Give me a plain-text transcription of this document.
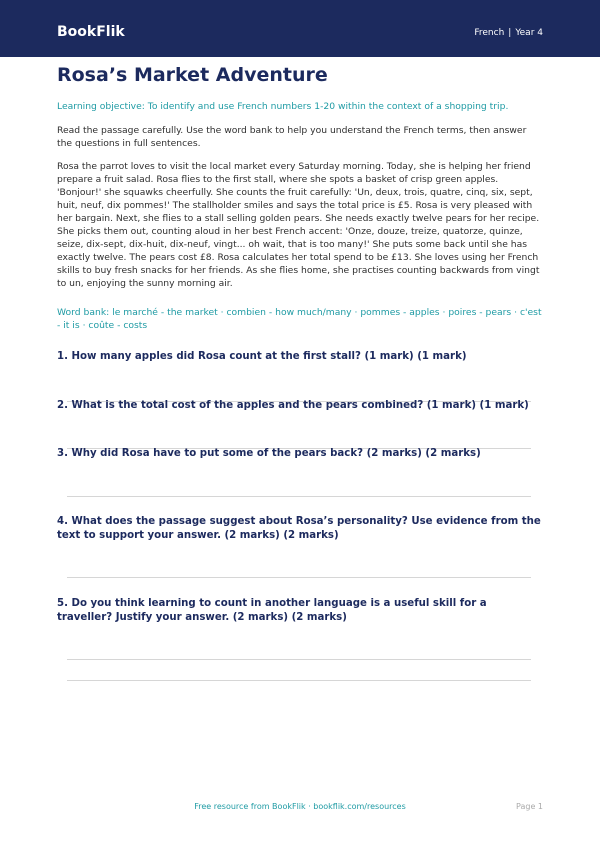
BookFlik	French | Year 4
Rosa’s Market Adventure
Learning objective: To identify and use French numbers 1-20 within the context of a shopping trip.

Read the passage carefully. Use the word bank to help you understand the French terms, then answer the questions in full sentences.

Rosa the parrot loves to visit the local market every Saturday morning. Today, she is helping her friend prepare a fruit salad. Rosa flies to the first stall, where she spots a basket of crisp green apples. 'Bonjour!' she squawks cheerfully. She counts the fruit carefully: 'Un, deux, trois, quatre, cinq, six, sept, huit, neuf, dix pommes!' The stallholder smiles and says the total price is £5. Rosa is very pleased with her bargain. Next, she flies to a stall selling golden pears. She needs exactly twelve pears for her recipe. She picks them out, counting aloud in her best French accent: 'Onze, douze, treize, quatorze, quinze, seize, dix-sept, dix-huit, dix-neuf, vingt... oh wait, that is too many!' She puts some back until she has exactly twelve. The pears cost £8. Rosa calculates her total spend to be £13. She loves using her French skills to buy fresh snacks for her friends. As she flies home, she practises counting backwards from vingt to un, enjoying the sunny morning air.

Word bank: le marché - the market · combien - how much/many · pommes - apples · poires - pears · c'est - it is · coûte - costs

1. How many apples did Rosa count at the first stall? (1 mark) (1 mark)

2. What is the total cost of the apples and the pears combined? (1 mark) (1 mark)

3. Why did Rosa have to put some of the pears back? (2 marks) (2 marks)

4. What does the passage suggest about Rosa’s personality? Use evidence from the text to support your answer. (2 marks) (2 marks)

5. Do you think learning to count in another language is a useful skill for a traveller? Justify your answer. (2 marks) (2 marks)

Free resource from BookFlik · bookflik.com/resources	Page 1
